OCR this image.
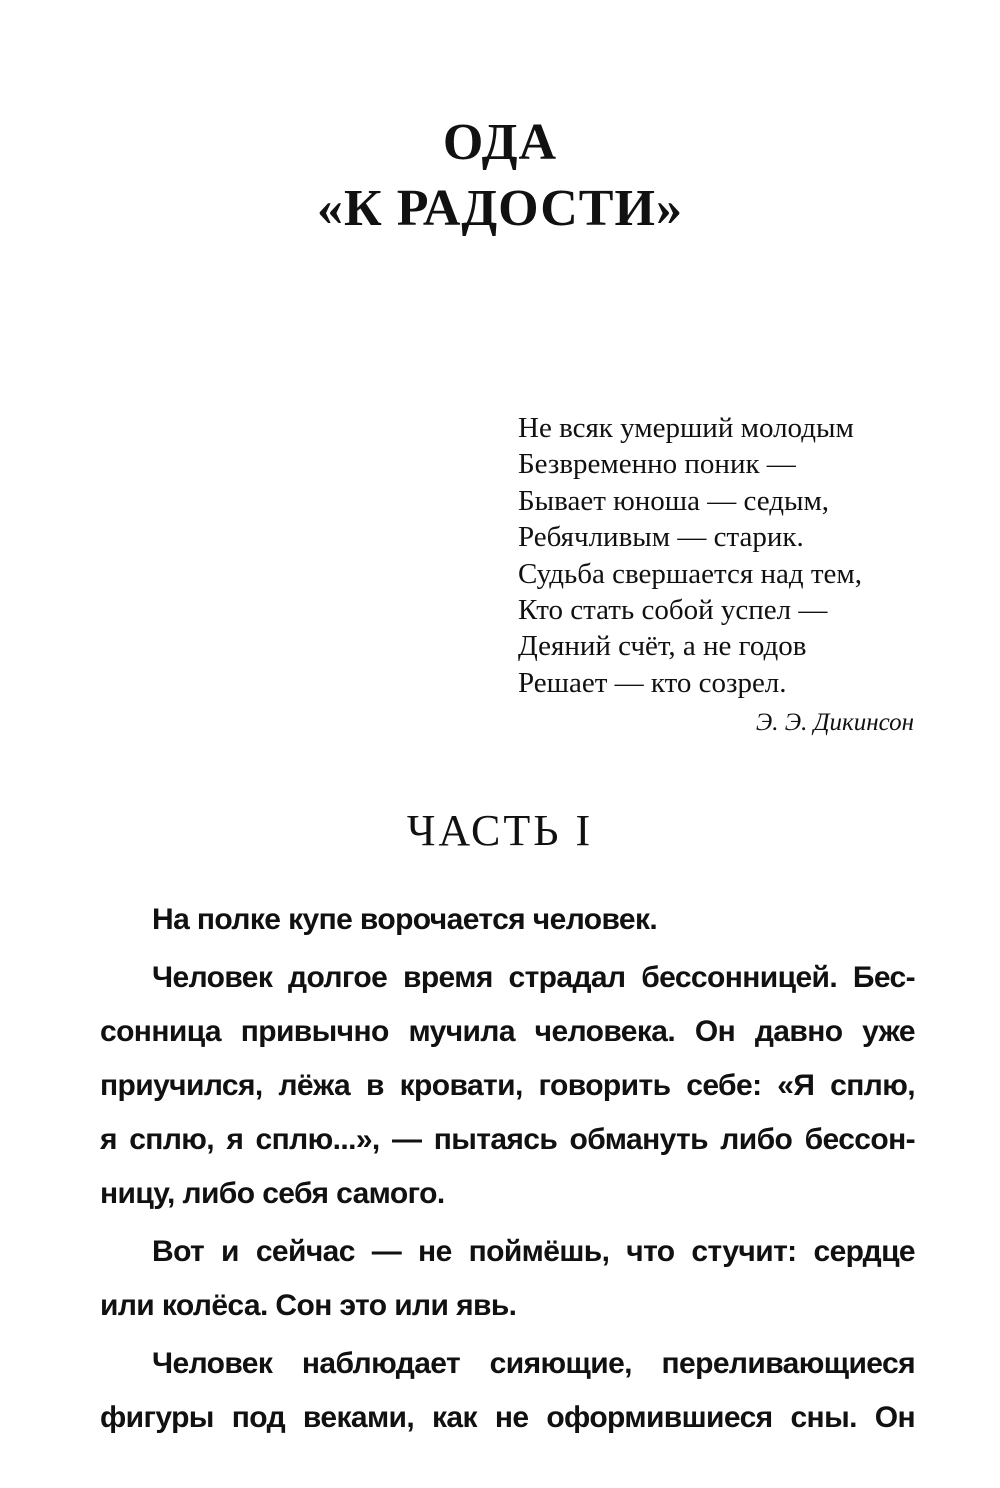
ОДА
«К РАДОСТИ»
Не всяк умерший молодым
Безвременно поник —
Бывает юноша — седым,
Ребячливым — старик.
Судьба свершается над тем,
Кто стать собой успел —
Деяний счёт, а не годов
Решает — кто созрел.
Э. Э. Дикинсон
ЧАСТЬ I
На полке купе ворочается человек.
Человек долгое время страдал бессонницей. Бес-
сонница привычно мучила человека. Он давно уже
приучился, лёжа в кровати, говорить себе: «Я сплю,
я сплю, я сплю...», — пытаясь обмануть либо бессон-
ницу, либо себя самого.
Вот и сейчас — не поймёшь, что стучит: сердце
или колёса. Сон это или явь.
Человек наблюдает сияющие, переливающиеся
фигуры под веками, как не оформившиеся сны. Он
